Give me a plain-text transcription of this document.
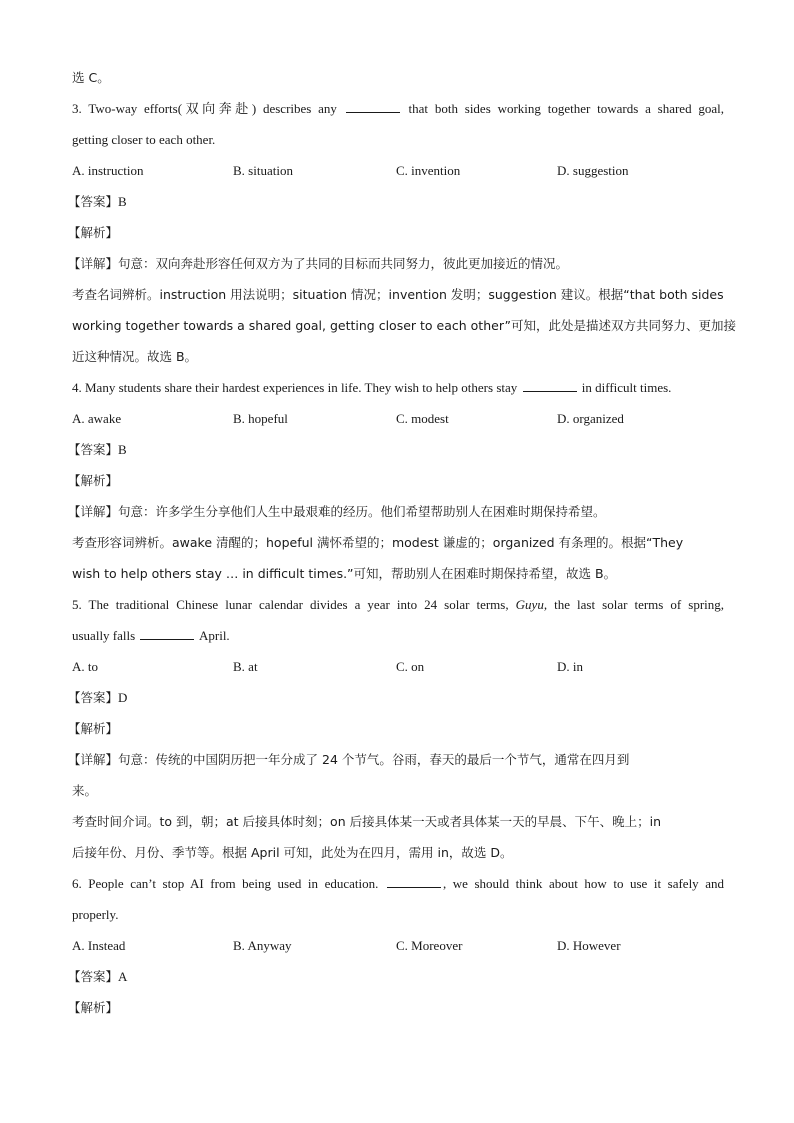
选 C。
3. Two-way efforts(双向奔赴) describes any	that both sides working together towards a shared goal,
getting closer to each other.
A. instruction	B. situation	C. invention	D. suggestion
【答案】B
【解析】
【详解】句意：双向奔赴形容任何双方为了共同的目标而共同努力，彼此更加接近的情况。
考查名词辨析。instruction 用法说明；situation 情况；invention 发明；suggestion 建议。根据“that both sides
working together towards a shared goal, getting closer to each other”可知，此处是描述双方共同努力、更加接
近这种情况。故选 B。
4. Many students share their hardest experiences in life. They wish to help others stay	in difficult times.
A. awake	B. hopeful	C. modest	D. organized
【答案】B
【解析】
【详解】句意：许多学生分享他们人生中最艰难的经历。他们希望帮助别人在困难时期保持希望。
考查形容词辨析。awake 清醒的；hopeful 满怀希望的；modest 谦虚的；organized 有条理的。根据“They
wish to help others stay … in difficult times.”可知，帮助别人在困难时期保持希望，故选 B。
5. The traditional Chinese lunar calendar divides a year into 24 solar terms, Guyu, the last solar terms of spring,
usually falls	April.
A. to	B. at	C. on	D. in
【答案】D
【解析】
【详解】句意：传统的中国阴历把一年分成了 24 个节气。谷雨，春天的最后一个节气，通常在四月到
来。
考查时间介词。to 到，朝；at 后接具体时刻；on 后接具体某一天或者具体某一天的早晨、下午、晚上；in
后接年份、月份、季节等。根据 April 可知，此处为在四月，需用 in，故选 D。
6. People can’t stop AI from being used in education.	, we should think about how to use it safely and
properly.
A. Instead	B. Anyway	C. Moreover	D. However
【答案】A
【解析】
